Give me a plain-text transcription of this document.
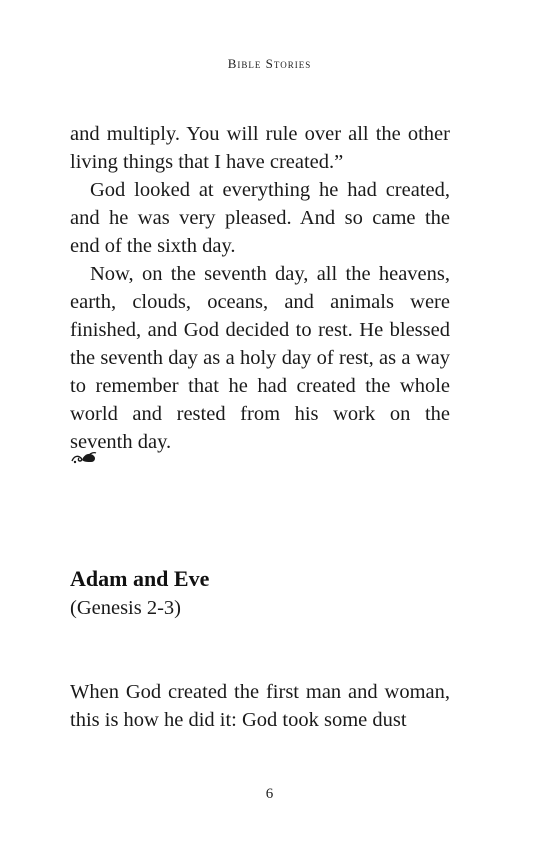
Bible Stories

and multiply. You will rule over all the other living things that I have created.”

God looked at everything he had created, and he was very pleased. And so came the end of the sixth day.

Now, on the seventh day, all the heavens, earth, clouds, oceans, and animals were finished, and God decided to rest. He blessed the seventh day as a holy day of rest, as a way to remember that he had created the whole world and rested from his work on the seventh day.

Adam and Eve
(Genesis 2-3)

When God created the first man and woman, this is how he did it: God took some dust

6
